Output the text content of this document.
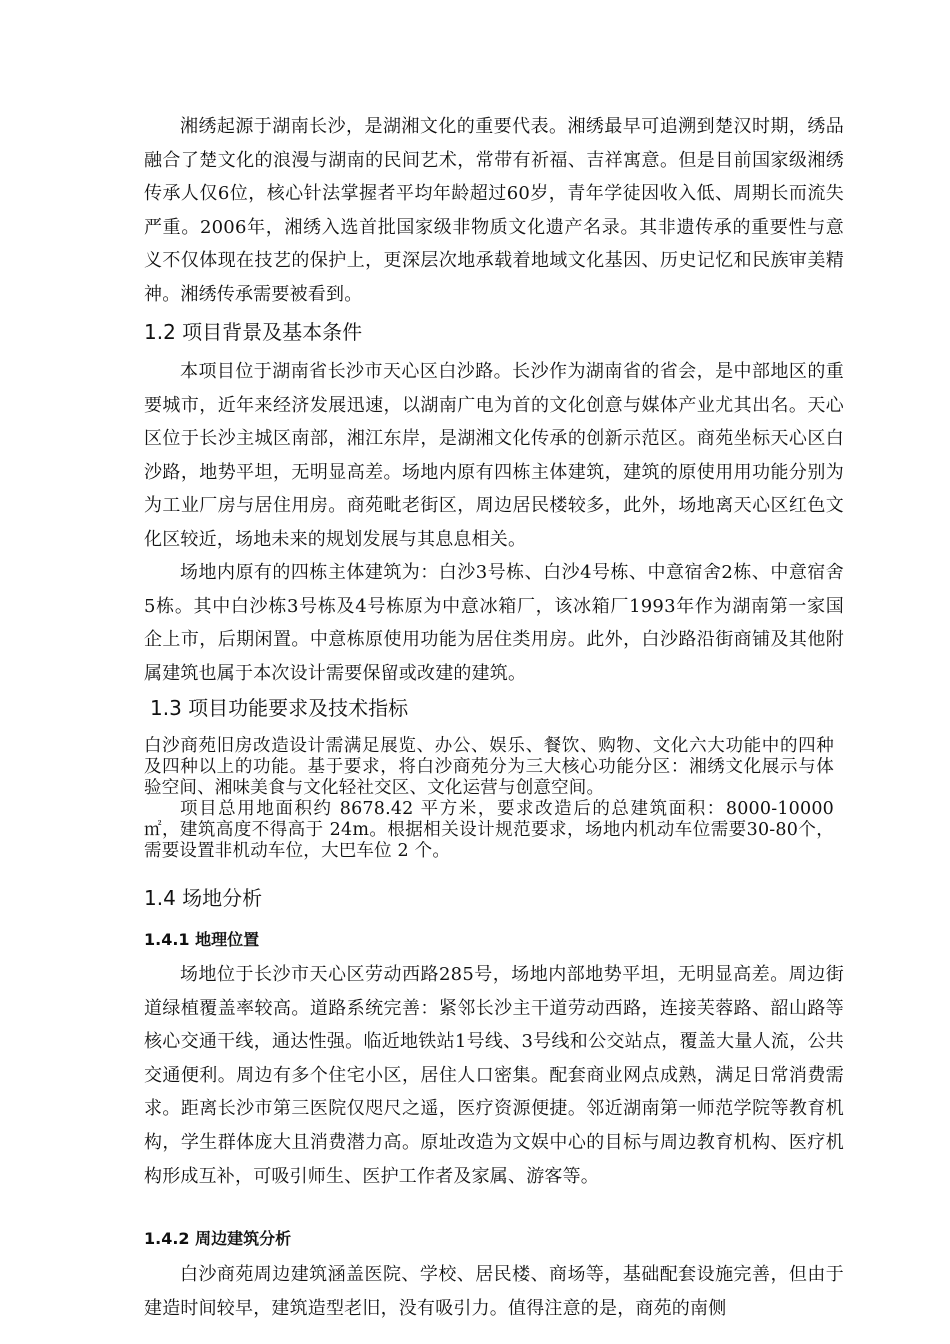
湘绣起源于湖南长沙，是湖湘文化的重要代表。湘绣最早可追溯到楚汉时期，绣品融合了楚文化的浪漫与湖南的民间艺术，常带有祈福、吉祥寓意。但是目前国家级湘绣传承人仅6位，核心针法掌握者平均年龄超过60岁，青年学徒因收入低、周期长而流失严重。2006年，湘绣入选首批国家级非物质文化遗产名录。其非遗传承的重要性与意义不仅体现在技艺的保护上，更深层次地承载着地域文化基因、历史记忆和民族审美精神。湘绣传承需要被看到。

1.2 项目背景及基本条件

本项目位于湖南省长沙市天心区白沙路。长沙作为湖南省的省会，是中部地区的重要城市，近年来经济发展迅速，以湖南广电为首的文化创意与媒体产业尤其出名。天心区位于长沙主城区南部，湘江东岸，是湖湘文化传承的创新示范区。商苑坐标天心区白沙路，地势平坦，无明显高差。场地内原有四栋主体建筑，建筑的原使用用功能分别为为工业厂房与居住用房。商苑毗老街区，周边居民楼较多，此外，场地离天心区红色文化区较近，场地未来的规划发展与其息息相关。

场地内原有的四栋主体建筑为：白沙3号栋、白沙4号栋、中意宿舍2栋、中意宿舍5栋。其中白沙栋3号栋及4号栋原为中意冰箱厂，该冰箱厂1993年作为湖南第一家国企上市，后期闲置。中意栋原使用功能为居住类用房。此外，白沙路沿街商铺及其他附属建筑也属于本次设计需要保留或改建的建筑。

1.3 项目功能要求及技术指标

白沙商苑旧房改造设计需满足展览、办公、娱乐、餐饮、购物、文化六大功能中的四种及四种以上的功能。基于要求，将白沙商苑分为三大核心功能分区：湘绣文化展示与体验空间、湘味美食与文化轻社交区、文化运营与创意空间。

项目总用地面积约 8678.42 平方米，要求改造后的总建筑面积：8000-10000 ㎡，建筑高度不得高于 24m。根据相关设计规范要求，场地内机动车位需要30-80个，需要设置非机动车位，大巴车位 2 个。

1.4 场地分析
1.4.1 地理位置

场地位于长沙市天心区劳动西路285号，场地内部地势平坦，无明显高差。周边街道绿植覆盖率较高。道路系统完善：紧邻长沙主干道劳动西路，连接芙蓉路、韶山路等核心交通干线，通达性强。临近地铁站1号线、3号线和公交站点，覆盖大量人流，公共交通便利。周边有多个住宅小区，居住人口密集。配套商业网点成熟，满足日常消费需求。距离长沙市第三医院仅咫尺之遥，医疗资源便捷。邻近湖南第一师范学院等教育机构，学生群体庞大且消费潜力高。原址改造为文娱中心的目标与周边教育机构、医疗机构形成互补，可吸引师生、医护工作者及家属、游客等。

1.4.2 周边建筑分析

白沙商苑周边建筑涵盖医院、学校、居民楼、商场等，基础配套设施完善，但由于建造时间较早，建筑造型老旧，没有吸引力。值得注意的是，商苑的南侧
